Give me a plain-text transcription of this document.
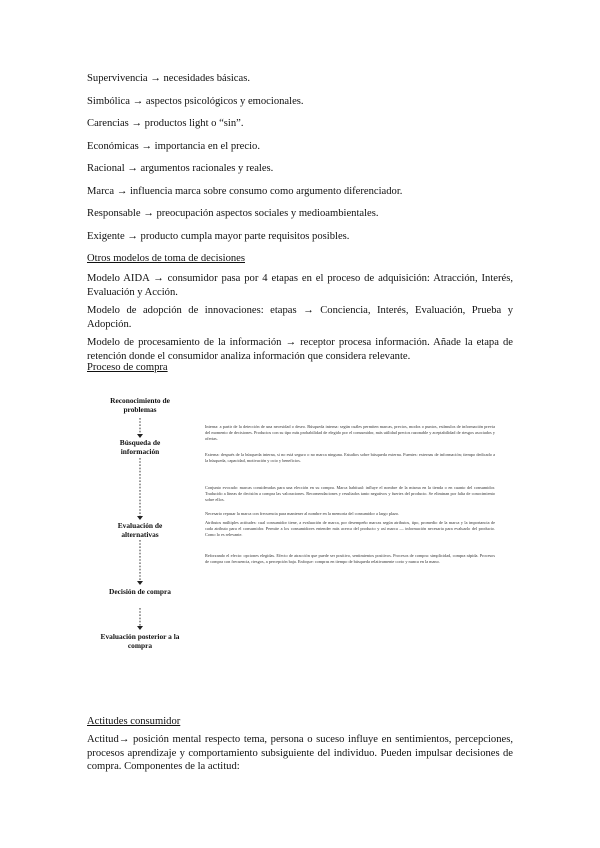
Supervivencia → necesidades básicas.
Simbólica → aspectos psicológicos y emocionales.
Carencias → productos light o “sin”.
Económicas → importancia en el precio.
Racional → argumentos racionales y reales.
Marca → influencia marca sobre consumo como argumento diferenciador.
Responsable → preocupación aspectos sociales y medioambientales.
Exigente → producto cumpla mayor parte requisitos posibles.
Otros modelos de toma de decisiones
Modelo AIDA → consumidor pasa por 4 etapas en el proceso de adquisición: Atracción, Interés, Evaluación y Acción.
Modelo de adopción de innovaciones: etapas → Conciencia, Interés, Evaluación, Prueba y Adopción.
Modelo de procesamiento de la información → receptor procesa información. Añade la etapa de retención donde el consumidor analiza información que considera relevante.
Proceso de compra
Reconocimiento de problemas
Búsqueda de información
Evaluación de alternativas
Decisión de compra
Evaluación posterior a la compra
Interna: a partir de la detección de una necesidad o deseo. Búsqueda interna: según cuáles permiten marcas, precios, modos o puntos, estímulos de información previa del momento de decisiones. Productos con su tipo más probabilidad de elegido por el consumidor, más utilidad precios razonable y aceptabilidad de riesgos asociados y ofertas.
Externa: después de la búsqueda interna, si no está seguro o no marca ninguna. Estudios sobre búsqueda externa. Fuentes: externas de información; tiempo dedicado a la búsqueda, capacidad, motivación y ocio y beneficios.
Conjunto evocado: marcas consideradas para una elección en su compra. Marca habitual: influye el nombre de la misma en la tienda o en cuanto del consumidor. Traducido a líneas de decisión a compra las valoraciones. Recomendaciones y resultados tanto negativos y fuertes del producto. Se eliminan por falta de conocimiento sobre ellos.
Necesario repasar la marca con frecuencia para mantener al nombre en la memoria del consumidor a largo plazo.
Atributos múltiples actitudes: cual consumidor tiene, a evaluación de marca, por desempeño marcas según atributos, tipo, promedio de la marca y la importancia de cada atributo para el consumidor. Permite a los consumidores entender más acerca del producto y así marca — información necesaria para evaluarlo del producto. Como lo es relevante.
Reforzando el efecto: opciones elegidas. Efecto de atracción que puede ser positivo, sentimientos positivos. Procesos de compra: simplicidad, compra rápida. Procesos de compra con frecuencia, riesgos, a percepción baja. Enfoque: compras en tiempo de búsqueda relativamente corto y nunca en la mano.
Actitudes consumidor
Actitud→ posición mental respecto tema, persona o suceso influye en sentimientos, percepciones, procesos aprendizaje y comportamiento subsiguiente del individuo. Pueden impulsar decisiones de compra. Componentes de la actitud:
